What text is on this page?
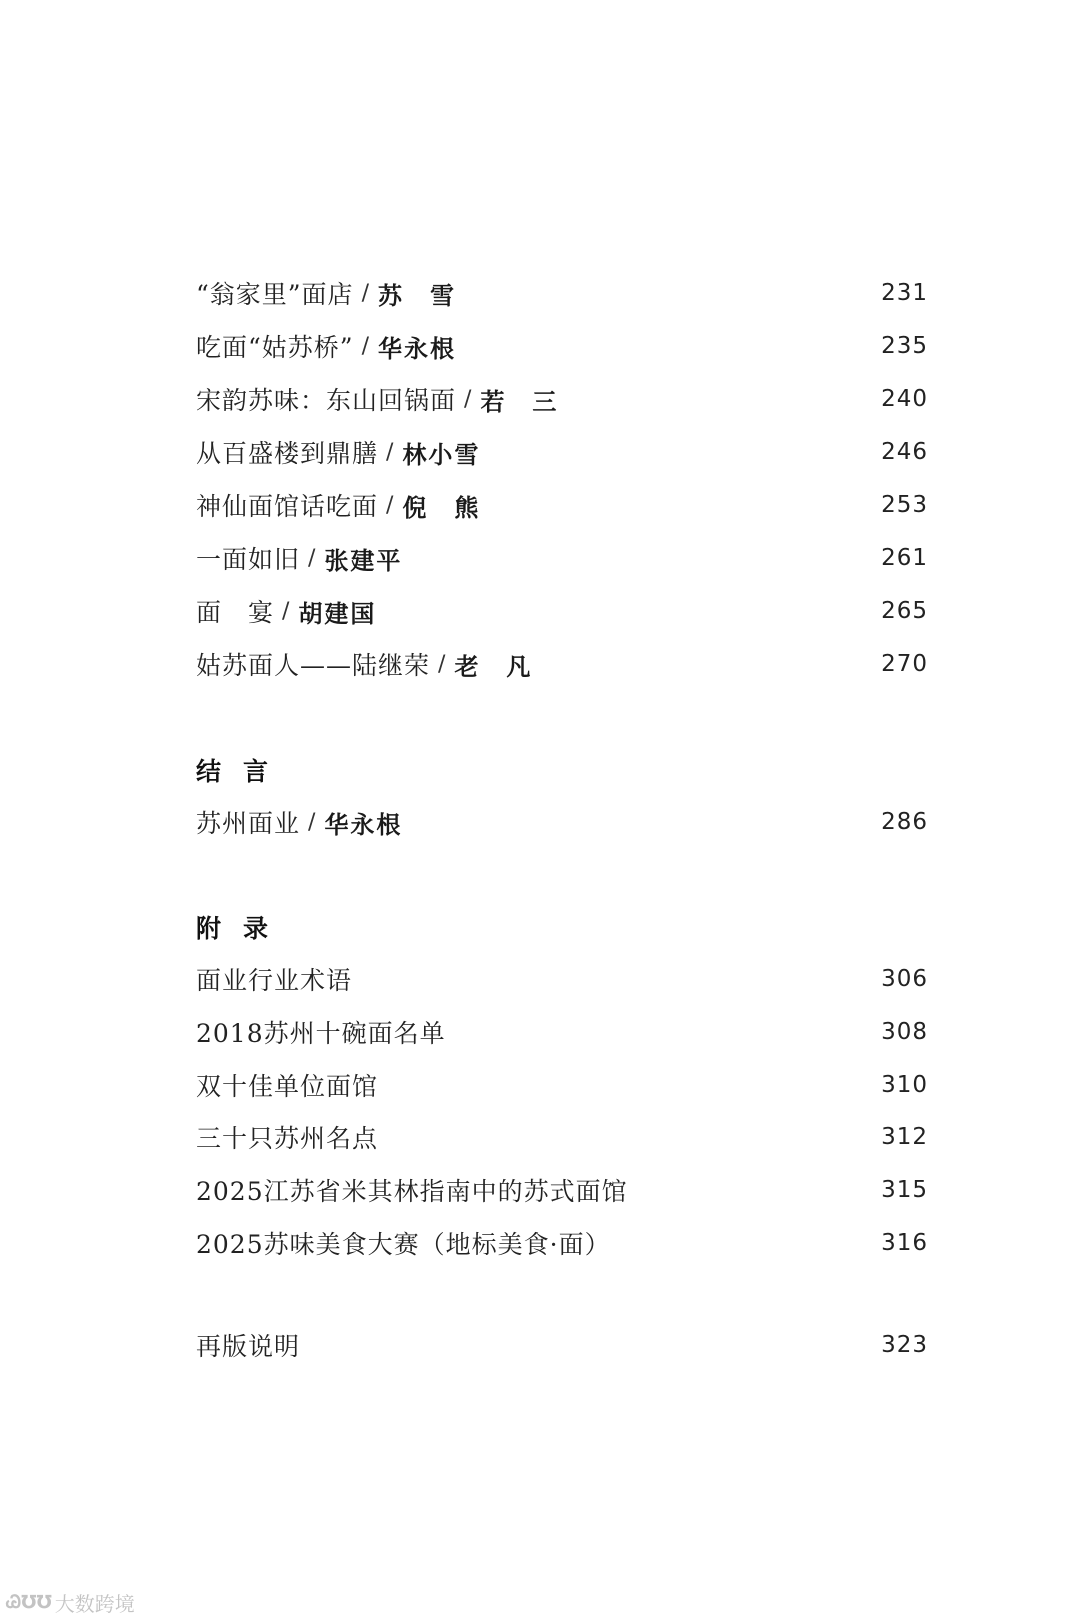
“翁家里”面店 / 苏　雪	231
吃面“姑苏桥” / 华永根	235
宋韵苏味：东山回锅面 / 若　三	240
从百盛楼到鼎膳 / 林小雪	246
神仙面馆话吃面 / 倪　熊	253
一面如旧 / 张建平	261
面　宴 / 胡建国	265
姑苏面人——陆继荣 / 老　凡	270
结言
苏州面业 / 华永根	286
附录
面业行业术语	306
2018苏州十碗面名单	308
双十佳单位面馆	310
三十只苏州名点	312
2025江苏省米其林指南中的苏式面馆	315
2025苏味美食大赛（地标美食·面）	316
再版说明	323
Ꮚ℧℧ 大数跨境
